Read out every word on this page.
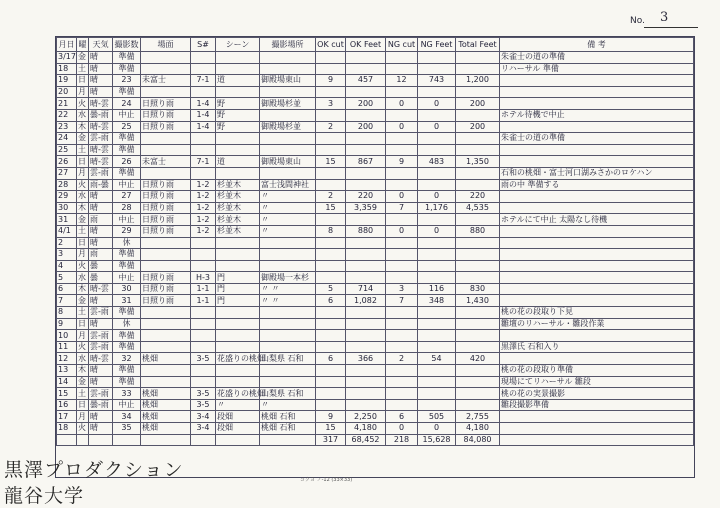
No. 3
月日	曜	天気	撮影数	場面	S#	シーン	撮影場所	OK cut	OK Feet	NG cut	NG Feet	Total Feet	備 考
3/17	金	晴	準備										朱雀士の道の準備
18	土	晴	準備										リハーサル 準備
19	日	晴	23	未富士	7-1	道	御殿場東山	9	457	12	743	1,200	
20	月	晴	準備										
21	火	晴-雲	24	日照り雨	1-4	野	御殿場杉並	3	200	0	0	200	
22	水	曇-雨	中止	日照り雨	1-4	野							ホテル待機で中止
23	木	晴-雲	25	日照り雨	1-4	野	御殿場杉並	2	200	0	0	200	
24	金	雲-雨	準備										朱雀士の道の準備
25	土	晴-雲	準備										
26	日	晴-雲	26	未富士	7-1	道	御殿場東山	15	867	9	483	1,350	
27	月	雲-雨	準備										石和の桃畑・富士河口湖みさかのロケハン
28	火	雨-曇	中止	日照り雨	1-2	杉並木	富士浅間神社						雨の中 準備する
29	水	晴	27	日照り雨	1-2	杉並木	〃	2	220	0	0	220	
30	木	晴	28	日照り雨	1-2	杉並木	〃	15	3,359	7	1,176	4,535	
31	金	雨	中止	日照り雨	1-2	杉並木	〃						ホテルにて中止 太陽なし待機
4/1	土	晴	29	日照り雨	1-2	杉並木	〃	8	880	0	0	880	
2	日	晴	休										
3	月	雨	準備										
4	火	曇	準備										
5	水	曇	中止	日照り雨	H-3	門	御殿場一本杉						
6	木	晴-雲	30	日照り雨	1-1	門	〃 〃	5	714	3	116	830	
7	金	晴	31	日照り雨	1-1	門	〃 〃	6	1,082	7	348	1,430	
8	土	雲-雨	準備										桃の花の段取り下見
9	日	晴	休										雛壇のリハーサル・雛段作業
10	月	雲-雨	準備										
11	火	雲-雨	準備										黒澤氏 石和入り
12	水	晴-雲	32	桃畑	3-5	花盛りの桃畑	山梨県 石和	6	366	2	54	420	
13	木	晴	準備										桃の花の段取り準備
14	金	晴	準備										現場にてリハーサル 雛段
15	土	雲-雨	33	桃畑	3-5	花盛りの桃畑	山梨県 石和						桃の花の実景撮影
16	日	曇-雨	中止	桃畑	3-5	〃	〃						雛段撮影準備
17	月	晴	34	桃畑	3-4	段畑	桃畑 石和	9	2,250	6	505	2,755	
18	火	晴	35	桃畑	3-4	段畑	桃畑 石和	15	4,180	0	0	4,180	
								317	68,452	218	15,628	84,080	
コクヨ ノ-12 (33×33)
黒澤プロダクション
龍谷大学
